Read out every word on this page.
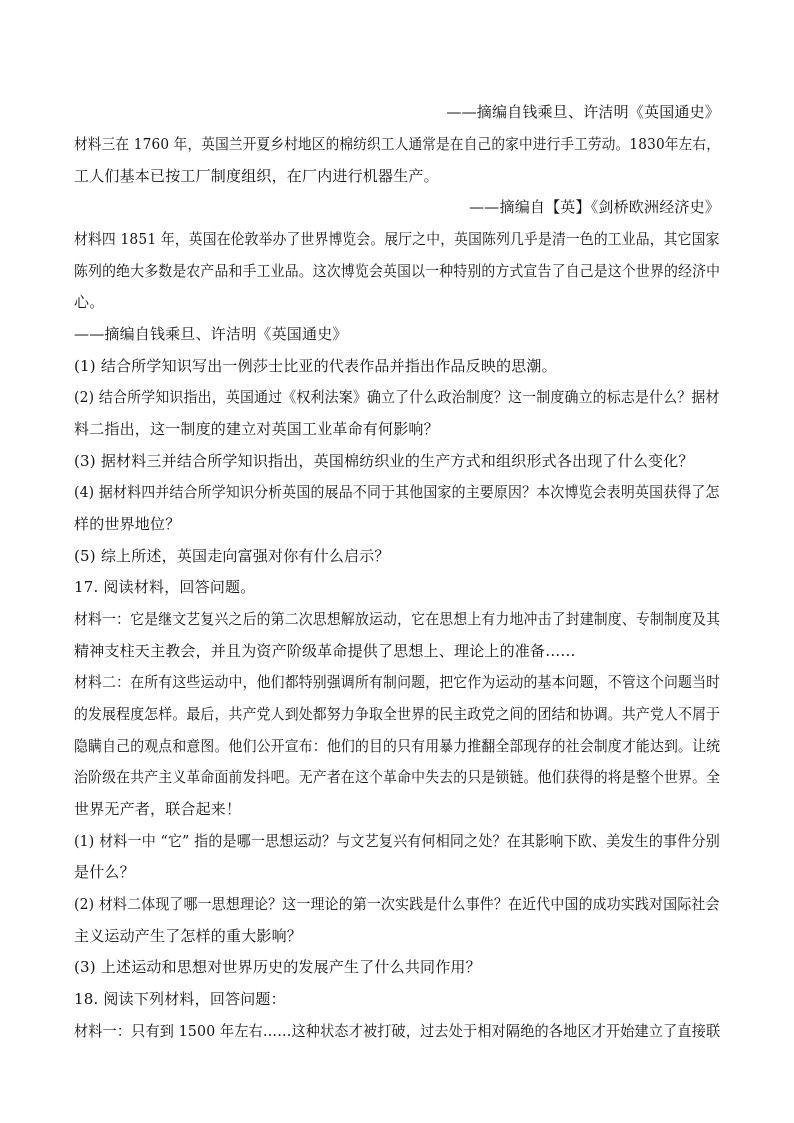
——摘编自钱乘旦、许洁明《英国通史》
材料三在 1760 年，英国兰开夏乡村地区的棉纺织工人通常是在自己的家中进行手工劳动。1830年左右，
工人们基本已按工厂制度组织，在厂内进行机器生产。
——摘编自【英】《剑桥欧洲经济史》
材料四 1851 年，英国在伦敦举办了世界博览会。展厅之中，英国陈列几乎是清一色的工业品，其它国家
陈列的绝大多数是农产品和手工业品。这次博览会英国以一种特别的方式宣告了自己是这个世界的经济中
心。
——摘编自钱乘旦、许洁明《英国通史》
(1) 结合所学知识写出一例莎士比亚的代表作品并指出作品反映的思潮。
(2) 结合所学知识指出，英国通过《权利法案》确立了什么政治制度？这一制度确立的标志是什么？据材
料二指出，这一制度的建立对英国工业革命有何影响？
(3) 据材料三并结合所学知识指出，英国棉纺织业的生产方式和组织形式各出现了什么变化？
(4) 据材料四并结合所学知识分析英国的展品不同于其他国家的主要原因？本次博览会表明英国获得了怎
样的世界地位？
(5) 综上所述，英国走向富强对你有什么启示？
17. 阅读材料，回答问题。
材料一：它是继文艺复兴之后的第二次思想解放运动，它在思想上有力地冲击了封建制度、专制制度及其
精神支柱天主教会，并且为资产阶级革命提供了思想上、理论上的准备……
材料二：在所有这些运动中，他们都特别强调所有制问题，把它作为运动的基本问题，不管这个问题当时
的发展程度怎样。最后，共产党人到处都努力争取全世界的民主政党之间的团结和协调。共产党人不屑于
隐瞒自己的观点和意图。他们公开宣布：他们的目的只有用暴力推翻全部现存的社会制度才能达到。让统
治阶级在共产主义革命面前发抖吧。无产者在这个革命中失去的只是锁链。他们获得的将是整个世界。全
世界无产者，联合起来！
(1) 材料一中 “它” 指的是哪一思想运动？与文艺复兴有何相同之处？在其影响下欧、美发生的事件分别
是什么？
(2) 材料二体现了哪一思想理论？这一理论的第一次实践是什么事件？在近代中国的成功实践对国际社会
主义运动产生了怎样的重大影响？
(3) 上述运动和思想对世界历史的发展产生了什么共同作用？
18. 阅读下列材料，回答问题：
材料一：只有到 1500 年左右……这种状态才被打破，过去处于相对隔绝的各地区才开始建立了直接联
